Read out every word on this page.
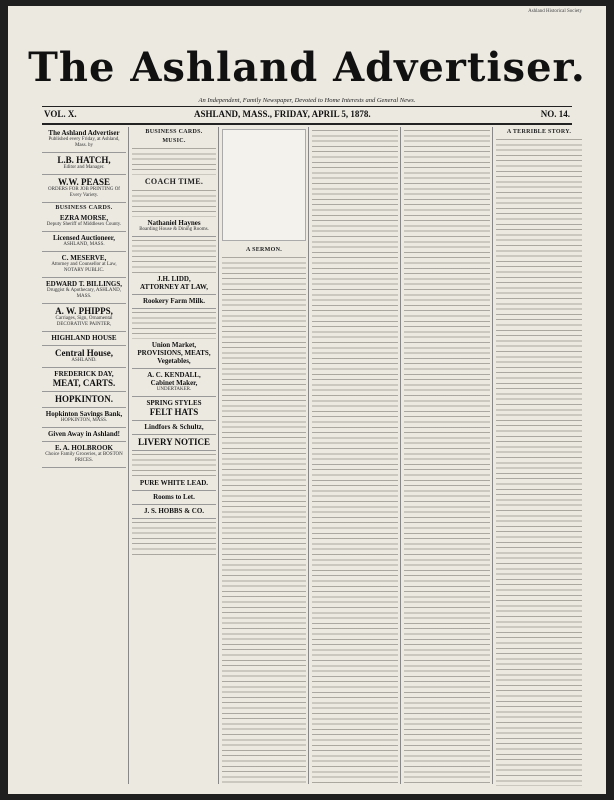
Ashland Historical Society
The Ashland Advertiser.
An Independent, Family Newspaper, Devoted to Home Interests and General News.
VOL. X.	ASHLAND, MASS., FRIDAY, APRIL 5, 1878.	NO. 14.
The Ashland Advertiser
Published every Friday, at Ashland, Mass. by
L.B. HATCH,
Editor and Manager.
W.W. PEASE
ORDERS FOR JOB PRINTING Of Every Variety.
BUSINESS CARDS.
EZRA MORSE,
Deputy Sheriff of Middlesex County.
Licensed Auctioneer,
ASHLAND, MASS.
C. MESERVE,
Attorney and Counsellor at Law,
NOTARY PUBLIC.
EDWARD T. BILLINGS,
Druggist & Apothecary, ASHLAND, MASS.
A. W. PHIPPS,
Carriages, Sign, Ornamental DECORATIVE PAINTER,
HIGHLAND HOUSE
Central House,
ASHLAND.
FREDERICK DAY,
MEAT, CARTS.
HOPKINTON.
Hopkinton Savings Bank,
HOPKINTON, MASS.
Given Away in Ashland!
E. A. HOLBROOK
Choice Family Groceries, at BOSTON PRICES.
BUSINESS CARDS.
MUSIC.
COACH TIME.
Nathaniel Haynes
Boarding House & Dining Rooms.
J.H. LIDD,
ATTORNEY AT LAW,
Rookery Farm Milk.
Union Market,
PROVISIONS, MEATS, Vegetables,
A. C. KENDALL,
Cabinet Maker,
UNDERTAKER.
SPRING STYLES
FELT HATS
Lindfors & Schultz,
LIVERY NOTICE
PURE WHITE LEAD.
Rooms to Let.
J. S. HOBBS & CO.
A SERMON.
A TERRIBLE STORY.
